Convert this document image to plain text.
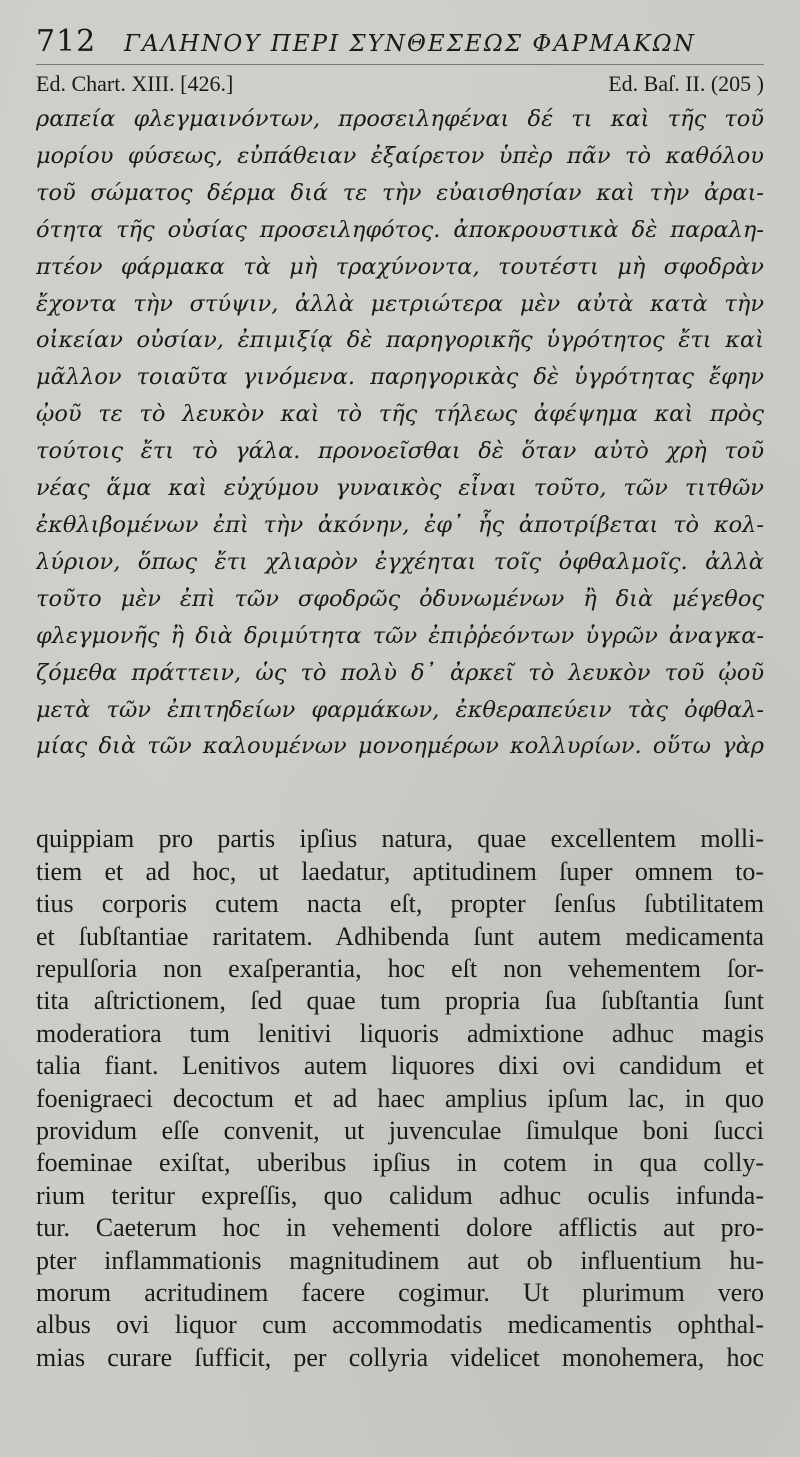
712	ΓΑΛΗΝΟΥ ΠΕΡΙ ΣΥΝΘΕΣΕΩΣ ΦΑΡΜΑΚΩΝ
Ed. Chart. XIII. [426.]	Ed. Baſ. II. (205 )
ραπεία φλεγμαινόντων, προσειληφέναι δέ τι καὶ τῆς τοῦ
μορίου φύσεως, εὐπάθειαν ἐξαίρετον ὑπὲρ πᾶν τὸ καθόλου
τοῦ σώματος δέρμα διά τε τὴν εὐαισθησίαν καὶ τὴν ἀραι-
ότητα τῆς οὐσίας προσειληφότος. ἀποκρουστικὰ δὲ παραλη-
πτέον φάρμακα τὰ μὴ τραχύνοντα, τουτέστι μὴ σφοδρὰν
ἔχοντα τὴν στύψιν, ἀλλὰ μετριώτερα μὲν αὐτὰ κατὰ τὴν
οἰκείαν οὐσίαν, ἐπιμιξίᾳ δὲ παρηγορικῆς ὑγρότητος ἔτι καὶ
μᾶλλον τοιαῦτα γινόμενα. παρηγορικὰς δὲ ὑγρότητας ἔφην
ᾠοῦ τε τὸ λευκὸν καὶ τὸ τῆς τήλεως ἀφέψημα καὶ πρὸς
τούτοις ἔτι τὸ γάλα. προνοεῖσθαι δὲ ὅταν αὐτὸ χρὴ τοῦ
νέας ἅμα καὶ εὐχύμου γυναικὸς εἶναι τοῦτο, τῶν τιτθῶν
ἐκθλιβομένων ἐπὶ τὴν ἀκόνην, ἐφ᾽ ἧς ἀποτρίβεται τὸ κολ-
λύριον, ὅπως ἔτι χλιαρὸν ἐγχέηται τοῖς ὀφθαλμοῖς. ἀλλὰ
τοῦτο μὲν ἐπὶ τῶν σφοδρῶς ὀδυνωμένων ἢ διὰ μέγεθος
φλεγμονῆς ἢ διὰ δριμύτητα τῶν ἐπιῤῥεόντων ὑγρῶν ἀναγκα-
ζόμεθα πράττειν, ὡς τὸ πολὺ δ᾽ ἀρκεῖ τὸ λευκὸν τοῦ ᾠοῦ
μετὰ τῶν ἐπιτηδείων φαρμάκων, ἐκθεραπεύειν τὰς ὀφθαλ-
μίας διὰ τῶν καλουμένων μονοημέρων κολλυρίων. οὕτω γὰρ
quippiam pro partis ipſius natura, quae excellentem molli-
tiem et ad hoc, ut laedatur, aptitudinem ſuper omnem to-
tius corporis cutem nacta eſt, propter ſenſus ſubtilitatem
et ſubſtantiae raritatem. Adhibenda ſunt autem medicamenta
repulſoria non exaſperantia, hoc eſt non vehementem ſor-
tita aſtrictionem, ſed quae tum propria ſua ſubſtantia ſunt
moderatiora tum lenitivi liquoris admixtione adhuc magis
talia fiant. Lenitivos autem liquores dixi ovi candidum et
foenigraeci decoctum et ad haec amplius ipſum lac, in quo
providum eſſe convenit, ut juvenculae ſimulque boni ſucci
foeminae exiſtat, uberibus ipſius in cotem in qua colly-
rium teritur expreſſis, quo calidum adhuc oculis infunda-
tur. Caeterum hoc in vehementi dolore afflictis aut pro-
pter inflammationis magnitudinem aut ob influentium hu-
morum acritudinem facere cogimur. Ut plurimum vero
albus ovi liquor cum accommodatis medicamentis ophthal-
mias curare ſufficit, per collyria videlicet monohemera, hoc
